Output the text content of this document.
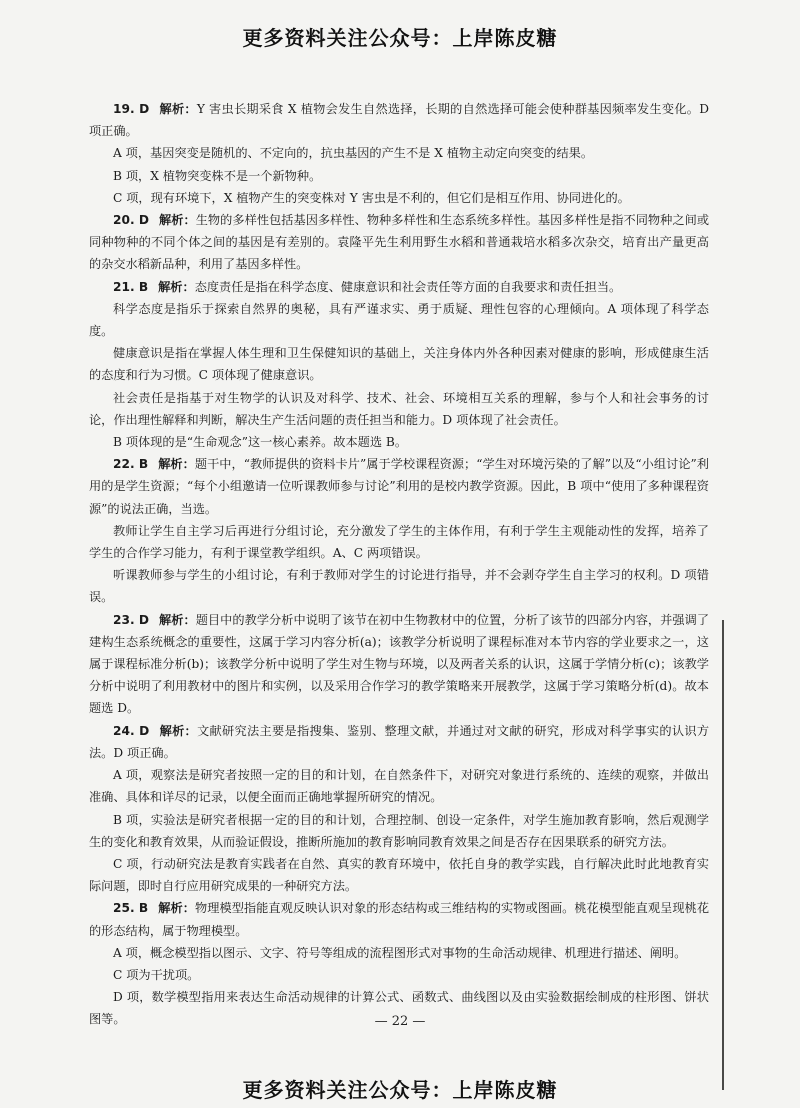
更多资料关注公众号：上岸陈皮糖

19. D 解析：Y 害虫长期采食 X 植物会发生自然选择，长期的自然选择可能会使种群基因频率发生变化。D 项正确。

A 项，基因突变是随机的、不定向的，抗虫基因的产生不是 X 植物主动定向突变的结果。

B 项，X 植物突变株不是一个新物种。

C 项，现有环境下，X 植物产生的突变株对 Y 害虫是不利的，但它们是相互作用、协同进化的。

20. D 解析：生物的多样性包括基因多样性、物种多样性和生态系统多样性。基因多样性是指不同物种之间或同种物种的不同个体之间的基因是有差别的。袁隆平先生利用野生水稻和普通栽培水稻多次杂交，培育出产量更高的杂交水稻新品种，利用了基因多样性。

21. B 解析：态度责任是指在科学态度、健康意识和社会责任等方面的自我要求和责任担当。

科学态度是指乐于探索自然界的奥秘，具有严谨求实、勇于质疑、理性包容的心理倾向。A 项体现了科学态度。

健康意识是指在掌握人体生理和卫生保健知识的基础上，关注身体内外各种因素对健康的影响，形成健康生活的态度和行为习惯。C 项体现了健康意识。

社会责任是指基于对生物学的认识及对科学、技术、社会、环境相互关系的理解，参与个人和社会事务的讨论，作出理性解释和判断，解决生产生活问题的责任担当和能力。D 项体现了社会责任。

B 项体现的是“生命观念”这一核心素养。故本题选 B。

22. B 解析：题干中，“教师提供的资料卡片”属于学校课程资源；“学生对环境污染的了解”以及“小组讨论”利用的是学生资源；“每个小组邀请一位听课教师参与讨论”利用的是校内教学资源。因此，B 项中“使用了多种课程资源”的说法正确，当选。

教师让学生自主学习后再进行分组讨论，充分激发了学生的主体作用，有利于学生主观能动性的发挥，培养了学生的合作学习能力，有利于课堂教学组织。A、C 两项错误。

听课教师参与学生的小组讨论，有利于教师对学生的讨论进行指导，并不会剥夺学生自主学习的权利。D 项错误。

23. D 解析：题目中的教学分析中说明了该节在初中生物教材中的位置，分析了该节的四部分内容，并强调了建构生态系统概念的重要性，这属于学习内容分析(a)；该教学分析说明了课程标准对本节内容的学业要求之一，这属于课程标准分析(b)；该教学分析中说明了学生对生物与环境，以及两者关系的认识，这属于学情分析(c)；该教学分析中说明了利用教材中的图片和实例，以及采用合作学习的教学策略来开展教学，这属于学习策略分析(d)。故本题选 D。

24. D 解析：文献研究法主要是指搜集、鉴别、整理文献，并通过对文献的研究，形成对科学事实的认识方法。D 项正确。

A 项，观察法是研究者按照一定的目的和计划，在自然条件下，对研究对象进行系统的、连续的观察，并做出准确、具体和详尽的记录，以便全面而正确地掌握所研究的情况。

B 项，实验法是研究者根据一定的目的和计划，合理控制、创设一定条件，对学生施加教育影响，然后观测学生的变化和教育效果，从而验证假设，推断所施加的教育影响同教育效果之间是否存在因果联系的研究方法。

C 项，行动研究法是教育实践者在自然、真实的教育环境中，依托自身的教学实践，自行解决此时此地教育实际问题，即时自行应用研究成果的一种研究方法。

25. B 解析：物理模型指能直观反映认识对象的形态结构或三维结构的实物或图画。桃花模型能直观呈现桃花的形态结构，属于物理模型。

A 项，概念模型指以图示、文字、符号等组成的流程图形式对事物的生命活动规律、机理进行描述、阐明。

C 项为干扰项。

D 项，数学模型指用来表达生命活动规律的计算公式、函数式、曲线图以及由实验数据绘制成的柱形图、饼状图等。	— 22 —
更多资料关注公众号：上岸陈皮糖
